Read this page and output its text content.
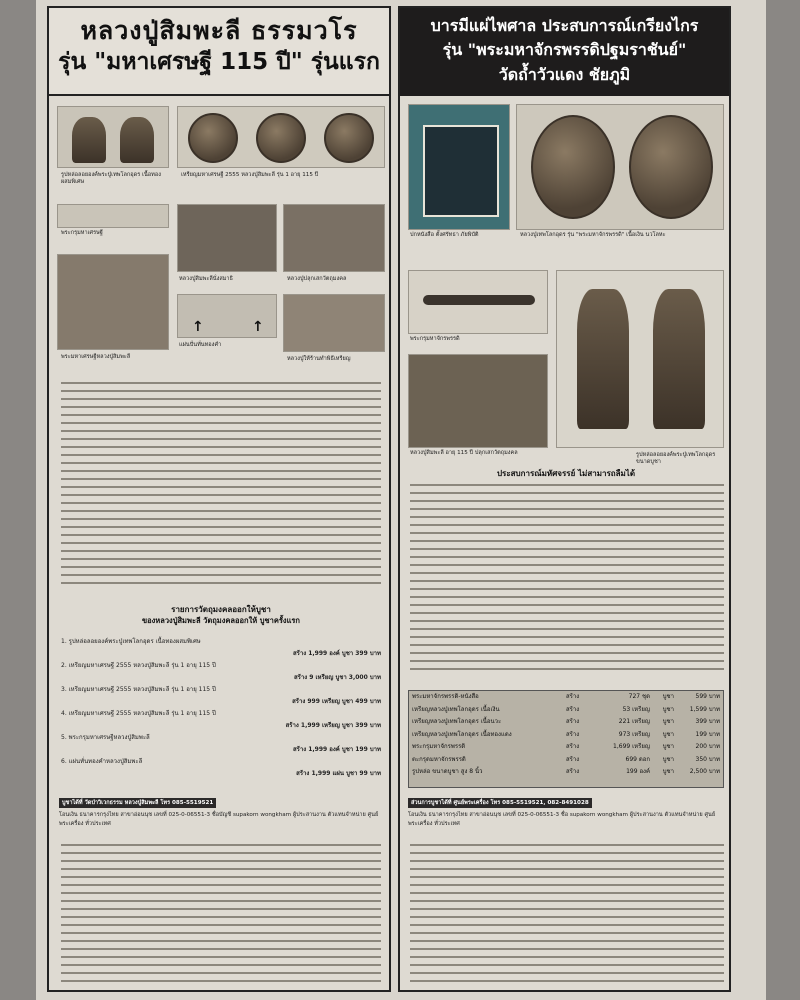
หลวงปู่สิมพะลี ธรรมวโร
รุ่น "มหาเศรษฐี 115 ปี" รุ่นแรก
รูปหล่อลอยองค์พระปู่เทพโลกอุดร เนื้อทองผสมพิเศษ
เหรียญมหาเศรษฐี 2555 หลวงปู่สิมพะลี รุ่น 1 อายุ 115 ปี
พระกรุมหาเศรษฐี
หลวงปู่สิมพะลีนั่งสมาธิ	หลวงปู่ปลุกเสกวัตถุมงคล
พระมหาเศรษฐีหลวงปู่สิมพะลี
↑	↑
แผ่นปั่นทั่นทองคำ
หลวงปู่ให้ร้านทำพิธีเหรียญ
รายการวัตถุมงคลออกให้บูชา
ของหลวงปู่สิมพะลี วัตถุมงคลออกให้ บูชาครั้งแรก
1. รูปหล่อลอยองค์พระปู่เทพโลกอุดร เนื้อทองผสมพิเศษ
สร้าง 1,999 องค์ บูชา 399 บาท
2. เหรียญมหาเศรษฐี 2555 หลวงปู่สิมพะลี รุ่น 1 อายุ 115 ปี
สร้าง 9 เหรียญ บูชา 3,000 บาท
3. เหรียญมหาเศรษฐี 2555 หลวงปู่สิมพะลี รุ่น 1 อายุ 115 ปี
สร้าง 999 เหรียญ บูชา 499 บาท
4. เหรียญมหาเศรษฐี 2555 หลวงปู่สิมพะลี รุ่น 1 อายุ 115 ปี
สร้าง 1,999 เหรียญ บูชา 399 บาท
5. พระกรุมหาเศรษฐีหลวงปู่สิมพะลี
สร้าง 1,999 องค์ บูชา 199 บาท
6. แผ่นทั่นทองคำหลวงปู่สิมพะลี
สร้าง 1,999 แผ่น บูชา 99 บาท
บูชาได้ที่ วัดป่าวิเวกธรรม หลวงปู่สิมพะลี โทร 085-5519521
โอนเงิน ธนาคารกรุงไทย สาขาอ่อนนุช เลขที่ 025-0-06551-3 ชื่อบัญชี supakorn wongkham ผู้ประสานงาน ตัวแทนจำหน่าย ศูนย์พระเครื่อง ทั่วประเทศ
บารมีแผ่ไพศาล ประสบการณ์เกรียงไกร
รุ่น "พระมหาจักรพรรดิปฐมราชันย์"
วัดถ้ำวัวแดง ชัยภูมิ
ปกหนังสือ ตั้งศรัทธา ภัยพิบัติ	หลวงปู่เทพโลกอุดร รุ่น "พระมหาจักรพรรดิ" เนื้อเงิน นวโลหะ
พระกรุมหาจักรพรรดิ
หลวงปู่สิมพะลี อายุ 115 ปี ปลุกเสกวัตถุมงคล	รูปหล่อลอยองค์พระปู่เทพโลกอุดร ขนาดบูชา
ประสบการณ์มหัศจรรย์ ไม่สามารถลืมได้
พระมหาจักรพรรดิ-หนังสือ	สร้าง	727 ชุด	บูชา	599 บาท
เหรียญหลวงปู่เทพโลกอุดร เนื้อเงิน	สร้าง	53 เหรียญ	บูชา	1,599 บาท
เหรียญหลวงปู่เทพโลกอุดร เนื้อนวะ	สร้าง	221 เหรียญ	บูชา	399 บาท
เหรียญหลวงปู่เทพโลกอุดร เนื้อทองแดง	สร้าง	973 เหรียญ	บูชา	199 บาท
พระกรุมหาจักรพรรดิ	สร้าง	1,699 เหรียญ	บูชา	200 บาท
ตะกรุดมหาจักรพรรดิ	สร้าง	699 ดอก	บูชา	350 บาท
รูปหล่อ ขนาดบูชา สูง 8 นิ้ว	สร้าง	199 องค์	บูชา	2,500 บาท
ส่วนการบูชาได้ที่ ศูนย์พระเครื่อง โทร 085-5519521, 082-8491028
โอนเงิน ธนาคารกรุงไทย สาขาอ่อนนุช เลขที่ 025-0-06551-3 ชื่อ supakorn wongkham ผู้ประสานงาน ตัวแทนจำหน่าย ศูนย์พระเครื่อง ทั่วประเทศ
